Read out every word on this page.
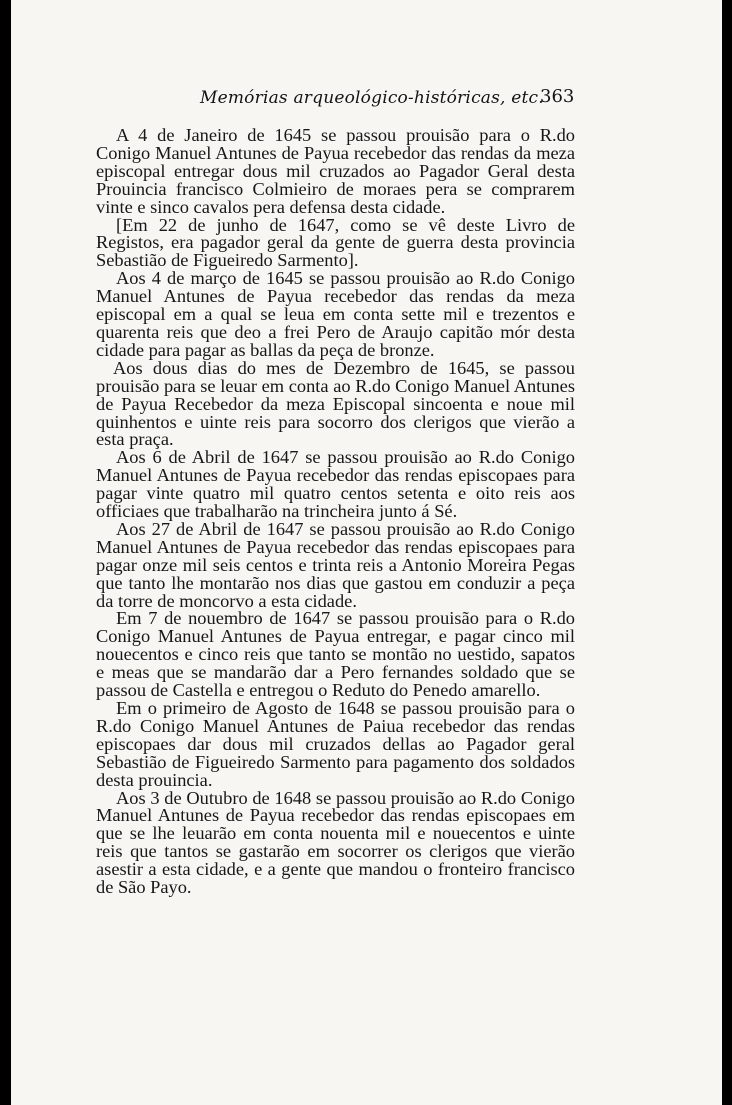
Memórias arqueológico-históricas, etc.
363

A 4 de Janeiro de 1645 se passou prouisão para o R.do Conigo Manuel Antunes de Payua recebedor das rendas da meza episcopal entregar dous mil cruzados ao Pagador Geral desta Prouincia francisco Colmieiro de moraes pera se comprarem vinte e sinco cavalos pera defensa desta cidade.

[Em 22 de junho de 1647, como se vê deste Livro de Registos, era pagador geral da gente de guerra desta provincia Sebastião de Figueiredo Sarmento].

Aos 4 de março de 1645 se passou prouisão ao R.do Conigo Manuel Antunes de Payua recebedor das rendas da meza episcopal em a qual se leua em conta sette mil e trezentos e quarenta reis que deo a frei Pero de Araujo capitão mór desta cidade para pagar as ballas da peça de bronze.

Aos dous dias do mes de Dezembro de 1645, se passou prouisão para se leuar em conta ao R.do Conigo Manuel Antunes de Payua Recebedor da meza Episcopal sincoenta e noue mil quinhentos e uinte reis para socorro dos clerigos que vierão a esta praça.

Aos 6 de Abril de 1647 se passou prouisão ao R.do Conigo Manuel Antunes de Payua recebedor das rendas episcopaes para pagar vinte quatro mil quatro centos setenta e oito reis aos officiaes que trabalharão na trincheira junto á Sé.

Aos 27 de Abril de 1647 se passou prouisão ao R.do Conigo Manuel Antunes de Payua recebedor das rendas episcopaes para pagar onze mil seis centos e trinta reis a Antonio Moreira Pegas que tanto lhe montarão nos dias que gastou em conduzir a peça da torre de moncorvo a esta cidade.

Em 7 de nouembro de 1647 se passou prouisão para o R.do Conigo Manuel Antunes de Payua entregar, e pagar cinco mil nouecentos e cinco reis que tanto se montão no uestido, sapatos e meas que se mandarão dar a Pero fernandes soldado que se passou de Castella e entregou o Reduto do Penedo amarello.

Em o primeiro de Agosto de 1648 se passou prouisão para o R.do Conigo Manuel Antunes de Paiua recebedor das rendas episcopaes dar dous mil cruzados dellas ao Pagador geral Sebastião de Figueiredo Sarmento para pagamento dos soldados desta prouincia.

Aos 3 de Outubro de 1648 se passou prouisão ao R.do Conigo Manuel Antunes de Payua recebedor das rendas episcopaes em que se lhe leuarão em conta nouenta mil e nouecentos e uinte reis que tantos se gastarão em socorrer os clerigos que vierão asestir a esta cidade, e a gente que mandou o fronteiro francisco de São Payo.
